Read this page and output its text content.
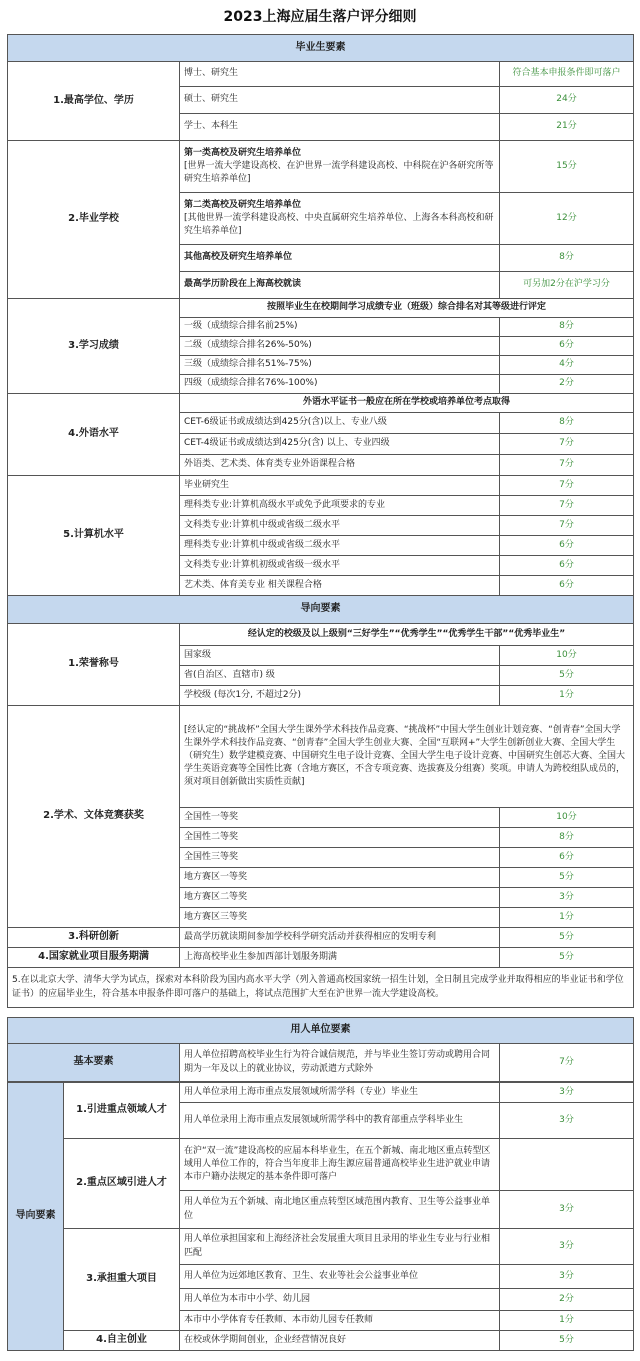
2023上海应届生落户评分细则
毕业生要素		
1.最高学位、学历	博士、研究生	符合基本申报条件即可落户
	硕士、研究生	24分
	学士、本科生	21分
2.毕业学校	第一类高校及研究生培养单位
[世界一流大学建设高校、在沪世界一流学科建设高校、中科院在沪各研究所等研究生培养单位]	15分
	第二类高校及研究生培养单位
[其他世界一流学科建设高校、中央直属研究生培养单位、上海各本科高校和研究生培养单位]	12分
	其他高校及研究生培养单位	8分
	最高学历阶段在上海高校就读	可另加2分在沪学习分
3.学习成绩	按照毕业生在校期间学习成绩专业（班级）综合排名对其等级进行评定	
	一级（成绩综合排名前25%)	8分
	二级（成绩综合排名26%-50%)	6分
	三级（成绩综合排名51%-75%)	4分
	四级（成绩综合排名76%-100%)	2分
4.外语水平	外语水平证书一般应在所在学校或培养单位考点取得	
	CET-6级证书或成绩达到425分(含)以上、专业八级	8分
	CET-4级证书或成绩达到425分(含) 以上、专业四级	7分
	外语类、艺术类、体育类专业外语课程合格	7分
5.计算机水平	毕业研究生	7分
	理科类专业:计算机高级水平或免予此项要求的专业	7分
	文科类专业:计算机中级或省级二级水平	7分
	理科类专业:计算机中级或省级二级水平	6分
	文科类专业:计算机初级或省级一级水平	6分
	艺术类、体育美专业 相关课程合格	6分
导向要素		
1.荣誉称号	经认定的校级及以上级别“三好学生”“优秀学生”“优秀学生干部”“优秀毕业生”	
	国家级	10分
	省(自治区、直辖市) 级	5分
	学校级 (每次1分, 不超过2分)	1分
2.学术、文体竞赛获奖	[经认定的“挑战杯”全国大学生课外学术科技作品竞赛、“挑战杯”中国大学生创业计划竞赛、“创青春”全国大学生课外学术科技作品竞赛、“创青春”全国大学生创业大赛、全国“互联网+”大学生创新创业大赛、全国大学生（研究生）数学建模竞赛、中国研究生电子设计竞赛、全国大学生电子设计竞赛、中国研究生创芯大赛、全国大学生英语竞赛等全国性比赛（含地方赛区，不含专项竞赛、选拔赛及分组赛）奖项。申请人为跨校组队成员的，须对项目创新做出实质性贡献]	
	全国性一等奖	10分
	全国性二等奖	8分
	全国性三等奖	6分
	地方赛区一等奖	5分
	地方赛区二等奖	3分
	地方赛区三等奖	1分
3.科研创新	最高学历就读期间参加学校科学研究活动并获得相应的发明专利	5分
4.国家就业项目服务期满	上海高校毕业生参加西部计划服务期满	5分
5.在以北京大学、清华大学为试点，探索对本科阶段为国内高水平大学（列入普通高校国家统一招生计划，全日制且完成学业并取得相应的毕业证书和学位证书）的应届毕业生，符合基本申报条件即可落户的基础上，将试点范围扩大至在沪世界一流大学建设高校。		

用人单位要素		
基本要素	用人单位招聘高校毕业生行为符合诚信规范，并与毕业生签订劳动或聘用合同期为一年及以上的就业协议，劳动派遣方式除外	7分
导向要素	1.引进重点领域人才	用人单位录用上海市重点发展领域所需学科（专业）毕业生	3分
		用人单位录用上海市重点发展领域所需学科中的教育部重点学科毕业生	3分
	2.重点区域引进人才	在沪“双一流”建设高校的应届本科毕业生，在五个新城、南北地区重点转型区域用人单位工作的，符合当年度非上海生源应届普通高校毕业生进沪就业申请本市户籍办法规定的基本条件即可落户	
		用人单位为五个新城、南北地区重点转型区域范围内教育、卫生等公益事业单位	3分
	3.承担重大项目	用人单位承担国家和上海经济社会发展重大项目且录用的毕业生专业与行业相匹配	3分
		用人单位为远郊地区教育、卫生、农业等社会公益事业单位	3分
		用人单位为本市中小学、幼儿园	2分
		本市中小学体育专任教师、本市幼儿园专任教师	1分
	4.自主创业	在校或休学期间创业，企业经营情况良好	5分
